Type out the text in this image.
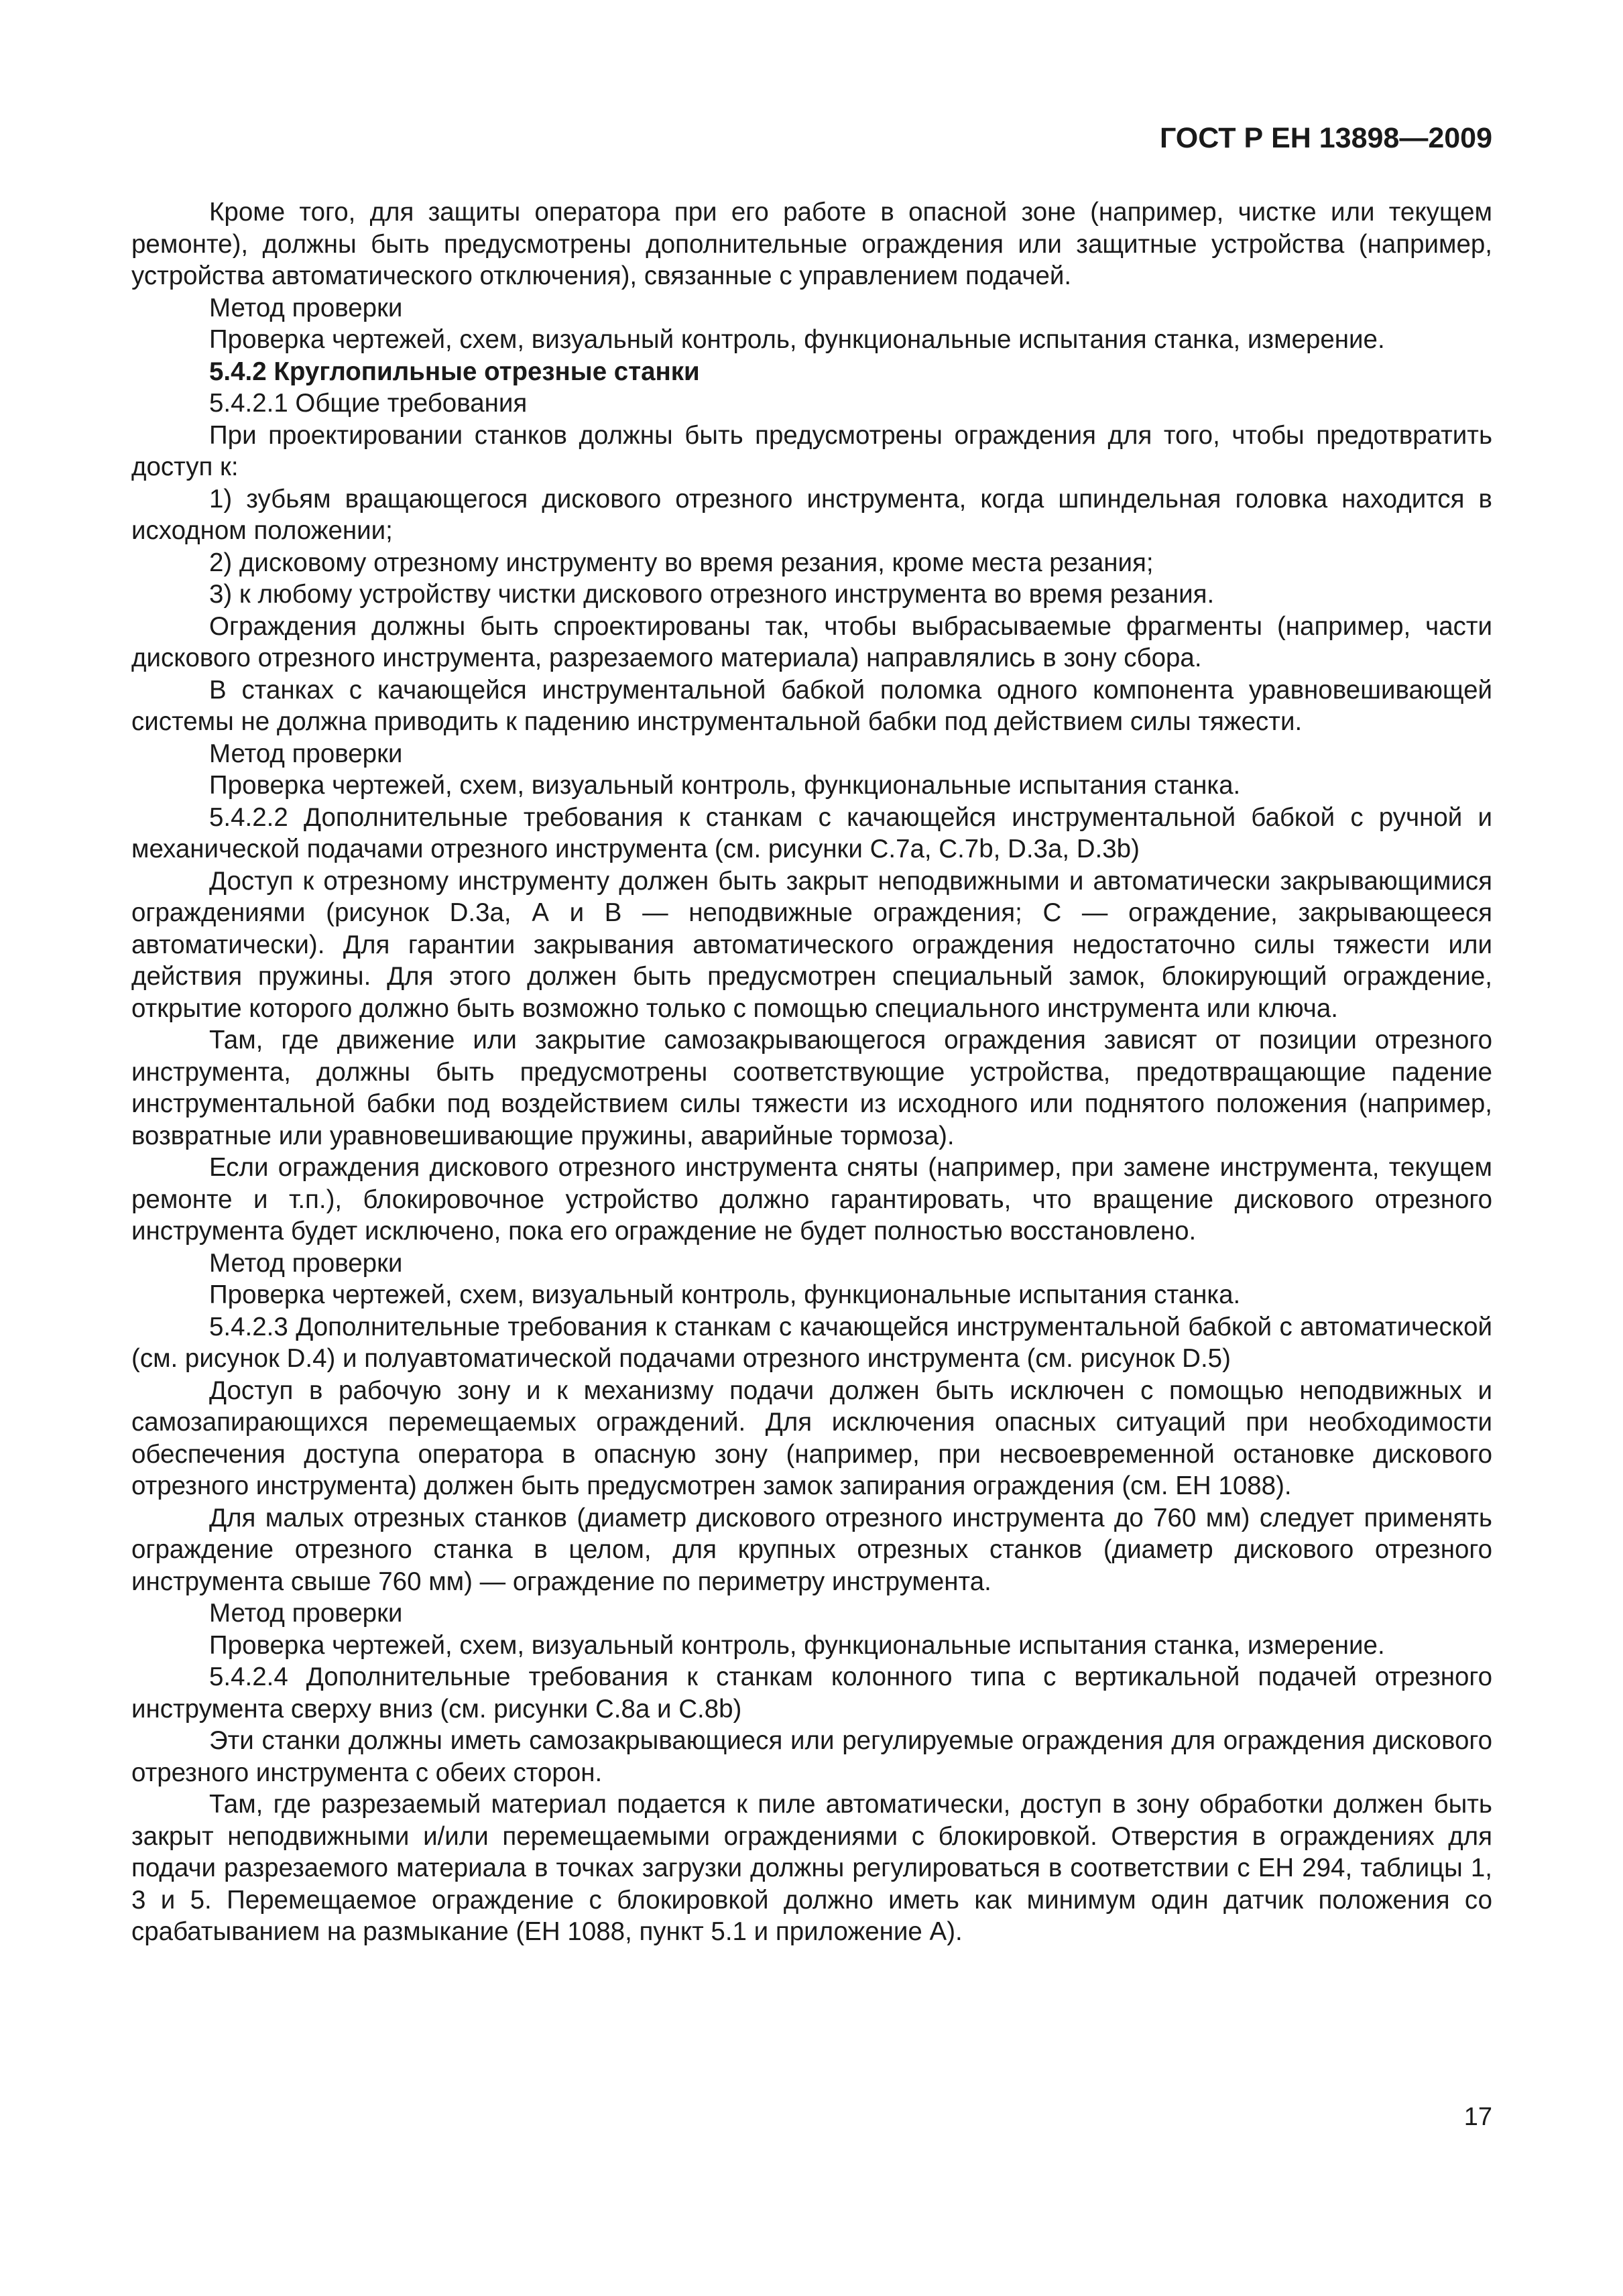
ГОСТ Р ЕН 13898—2009

Кроме того, для защиты оператора при его работе в опасной зоне (например, чистке или текущем ремонте), должны быть предусмотрены дополнительные ограждения или защитные устройства (например, устройства автоматического отключения), связанные с управлением подачей.

Метод проверки

Проверка чертежей, схем, визуальный контроль, функциональные испытания станка, измерение.

5.4.2 Круглопильные отрезные станки

5.4.2.1 Общие требования

При проектировании станков должны быть предусмотрены ограждения для того, чтобы предотвратить доступ к:

1) зубьям вращающегося дискового отрезного инструмента, когда шпиндельная головка находится в исходном положении;

2) дисковому отрезному инструменту во время резания, кроме места резания;

3) к любому устройству чистки дискового отрезного инструмента во время резания.

Ограждения должны быть спроектированы так, чтобы выбрасываемые фрагменты (например, части дискового отрезного инструмента, разрезаемого материала) направлялись в зону сбора.

В станках с качающейся инструментальной бабкой поломка одного компонента уравновешивающей системы не должна приводить к падению инструментальной бабки под действием силы тяжести.

Метод проверки

Проверка чертежей, схем, визуальный контроль, функциональные испытания станка.

5.4.2.2 Дополнительные требования к станкам с качающейся инструментальной бабкой с ручной и механической подачами отрезного инструмента (см. рисунки С.7a, С.7b, D.3a, D.3b)

Доступ к отрезному инструменту должен быть закрыт неподвижными и автоматически закрывающимися ограждениями (рисунок D.3a, А и В — неподвижные ограждения; С — ограждение, закрывающееся автоматически). Для гарантии закрывания автоматического ограждения недостаточно силы тяжести или действия пружины. Для этого должен быть предусмотрен специальный замок, блокирующий ограждение, открытие которого должно быть возможно только с помощью специального инструмента или ключа.

Там, где движение или закрытие самозакрывающегося ограждения зависят от позиции отрезного инструмента, должны быть предусмотрены соответствующие устройства, предотвращающие падение инструментальной бабки под воздействием силы тяжести из исходного или поднятого положения (например, возвратные или уравновешивающие пружины, аварийные тормоза).

Если ограждения дискового отрезного инструмента сняты (например, при замене инструмента, текущем ремонте и т.п.), блокировочное устройство должно гарантировать, что вращение дискового отрезного инструмента будет исключено, пока его ограждение не будет полностью восстановлено.

Метод проверки

Проверка чертежей, схем, визуальный контроль, функциональные испытания станка.

5.4.2.3 Дополнительные требования к станкам с качающейся инструментальной бабкой с автоматической (см. рисунок D.4) и полуавтоматической подачами отрезного инструмента (см. рисунок D.5)

Доступ в рабочую зону и к механизму подачи должен быть исключен с помощью неподвижных и самозапирающихся перемещаемых ограждений. Для исключения опасных ситуаций при необходимости обеспечения доступа оператора в опасную зону (например, при несвоевременной остановке дискового отрезного инструмента) должен быть предусмотрен замок запирания ограждения (см. ЕН 1088).

Для малых отрезных станков (диаметр дискового отрезного инструмента до 760 мм) следует применять ограждение отрезного станка в целом, для крупных отрезных станков (диаметр дискового отрезного инструмента свыше 760 мм) — ограждение по периметру инструмента.

Метод проверки

Проверка чертежей, схем, визуальный контроль, функциональные испытания станка, измерение.

5.4.2.4 Дополнительные требования к станкам колонного типа с вертикальной подачей отрезного инструмента сверху вниз (см. рисунки С.8a и С.8b)

Эти станки должны иметь самозакрывающиеся или регулируемые ограждения для ограждения дискового отрезного инструмента с обеих сторон.

Там, где разрезаемый материал подается к пиле автоматически, доступ в зону обработки должен быть закрыт неподвижными и/или перемещаемыми ограждениями с блокировкой. Отверстия в ограждениях для подачи разрезаемого материала в точках загрузки должны регулироваться в соответствии с ЕН 294, таблицы 1, 3 и 5. Перемещаемое ограждение с блокировкой должно иметь как минимум один датчик положения со срабатыванием на размыкание (ЕН 1088, пункт 5.1 и приложение А).

17
